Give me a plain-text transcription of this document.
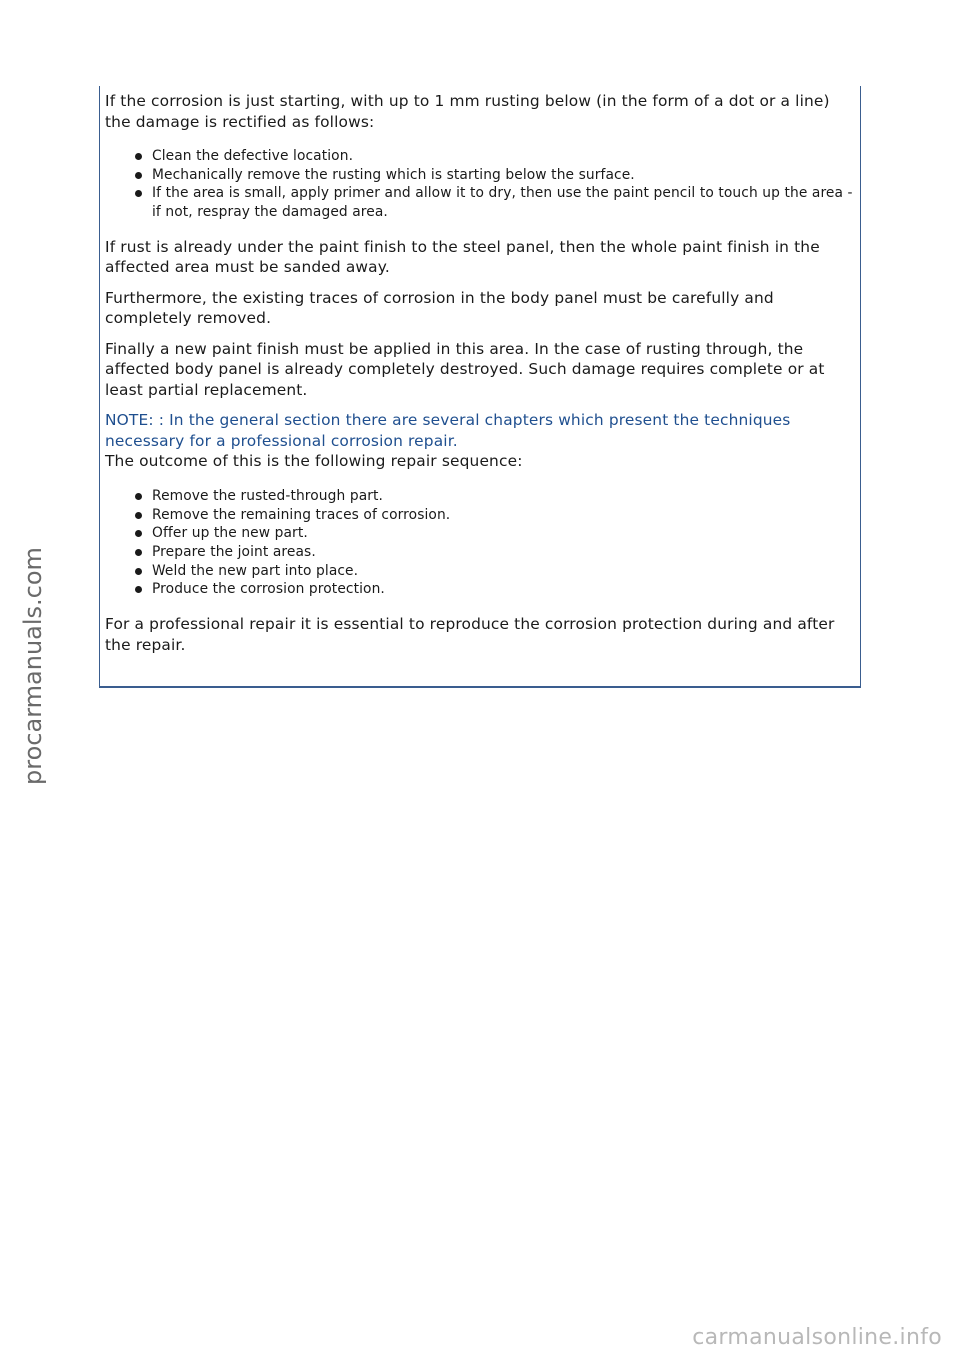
If the corrosion is just starting, with up to 1 mm rusting below (in the form of a dot or a line) the damage is rectified as follows:

Clean the defective location.
Mechanically remove the rusting which is starting below the surface.
If the area is small, apply primer and allow it to dry, then use the paint pencil to touch up the area - if not, respray the damaged area.

If rust is already under the paint finish to the steel panel, then the whole paint finish in the affected area must be sanded away.

Furthermore, the existing traces of corrosion in the body panel must be carefully and completely removed.

Finally a new paint finish must be applied in this area. In the case of rusting through, the affected body panel is already completely destroyed. Such damage requires complete or at least partial replacement.

NOTE: : In the general section there are several chapters which present the techniques necessary for a professional corrosion repair.

The outcome of this is the following repair sequence:

Remove the rusted-through part.
Remove the remaining traces of corrosion.
Offer up the new part.
Prepare the joint areas.
Weld the new part into place.
Produce the corrosion protection.

For a professional repair it is essential to reproduce the corrosion protection during and after the repair.

procarmanuals.com
carmanualsonline.info
